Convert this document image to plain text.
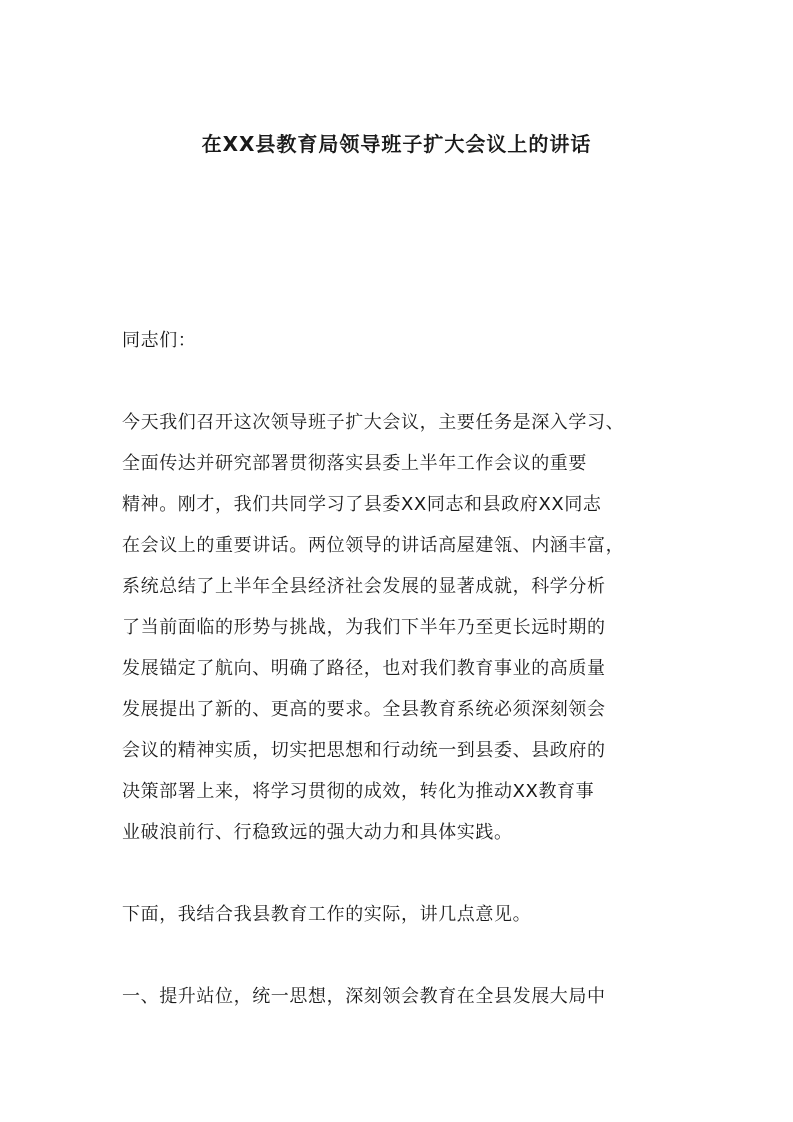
在XX县教育局领导班子扩大会议上的讲话
同志们：
今天我们召开这次领导班子扩大会议，主要任务是深入学习、
全面传达并研究部署贯彻落实县委上半年工作会议的重要
精神。刚才，我们共同学习了县委XX同志和县政府XX同志
在会议上的重要讲话。两位领导的讲话高屋建瓴、内涵丰富，
系统总结了上半年全县经济社会发展的显著成就，科学分析
了当前面临的形势与挑战，为我们下半年乃至更长远时期的
发展锚定了航向、明确了路径，也对我们教育事业的高质量
发展提出了新的、更高的要求。全县教育系统必须深刻领会
会议的精神实质，切实把思想和行动统一到县委、县政府的
决策部署上来，将学习贯彻的成效，转化为推动XX教育事
业破浪前行、行稳致远的强大动力和具体实践。
下面，我结合我县教育工作的实际，讲几点意见。
一、提升站位，统一思想，深刻领会教育在全县发展大局中
